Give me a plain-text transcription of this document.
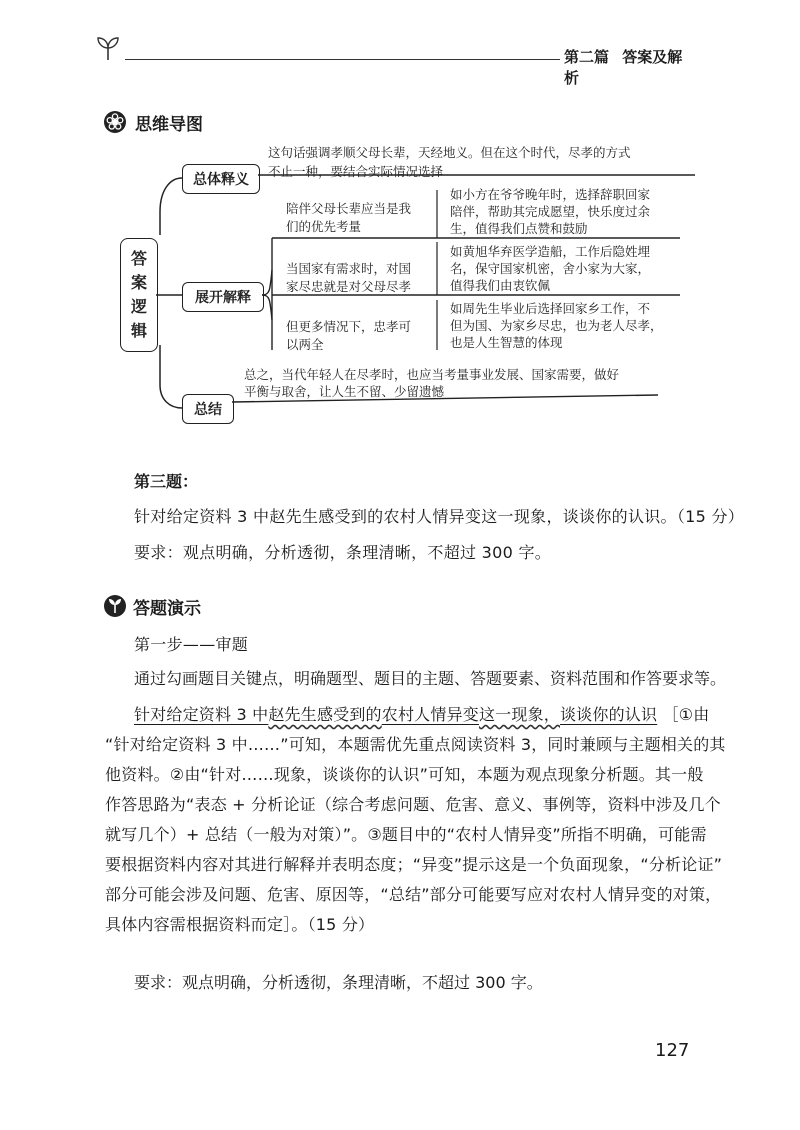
第二篇 答案及解析
思维导图
答
案
逻
辑
总体释义
这句话强调孝顺父母长辈，天经地义。但在这个时代，尽孝的方式
不止一种，要结合实际情况选择
展开解释
陪伴父母长辈应当是我
们的优先考量
如小方在爷爷晚年时，选择辞职回家
陪伴，帮助其完成愿望，快乐度过余
生，值得我们点赞和鼓励
当国家有需求时，对国
家尽忠就是对父母尽孝
如黄旭华弃医学造船，工作后隐姓埋
名，保守国家机密，舍小家为大家，
值得我们由衷钦佩
但更多情况下，忠孝可
以两全
如周先生毕业后选择回家乡工作，不
但为国、为家乡尽忠，也为老人尽孝，
也是人生智慧的体现
总结
总之，当代年轻人在尽孝时，也应当考量事业发展、国家需要，做好
平衡与取舍，让人生不留、少留遗憾
第三题：
针对给定资料 3 中赵先生感受到的农村人情异变这一现象，谈谈你的认识。（15 分）
要求：观点明确，分析透彻，条理清晰，不超过 300 字。
答题演示
第一步——审题
通过勾画题目关键点，明确题型、题目的主题、答题要素、资料范围和作答要求等。
针对给定资料 3 中赵先生感受到的农村人情异变这一现象，谈谈你的认识 ［①由
“针对给定资料 3 中……”可知，本题需优先重点阅读资料 3，同时兼顾与主题相关的其
他资料。②由“针对……现象，谈谈你的认识”可知，本题为观点现象分析题。其一般
作答思路为“表态 + 分析论证（综合考虑问题、危害、意义、事例等，资料中涉及几个
就写几个）+ 总结（一般为对策）”。③题目中的“农村人情异变”所指不明确，可能需
要根据资料内容对其进行解释并表明态度；“异变”提示这是一个负面现象，“分析论证”
部分可能会涉及问题、危害、原因等，“总结”部分可能要写应对农村人情异变的对策，
具体内容需根据资料而定］。（15 分）
要求：观点明确，分析透彻，条理清晰，不超过 300 字。
127
